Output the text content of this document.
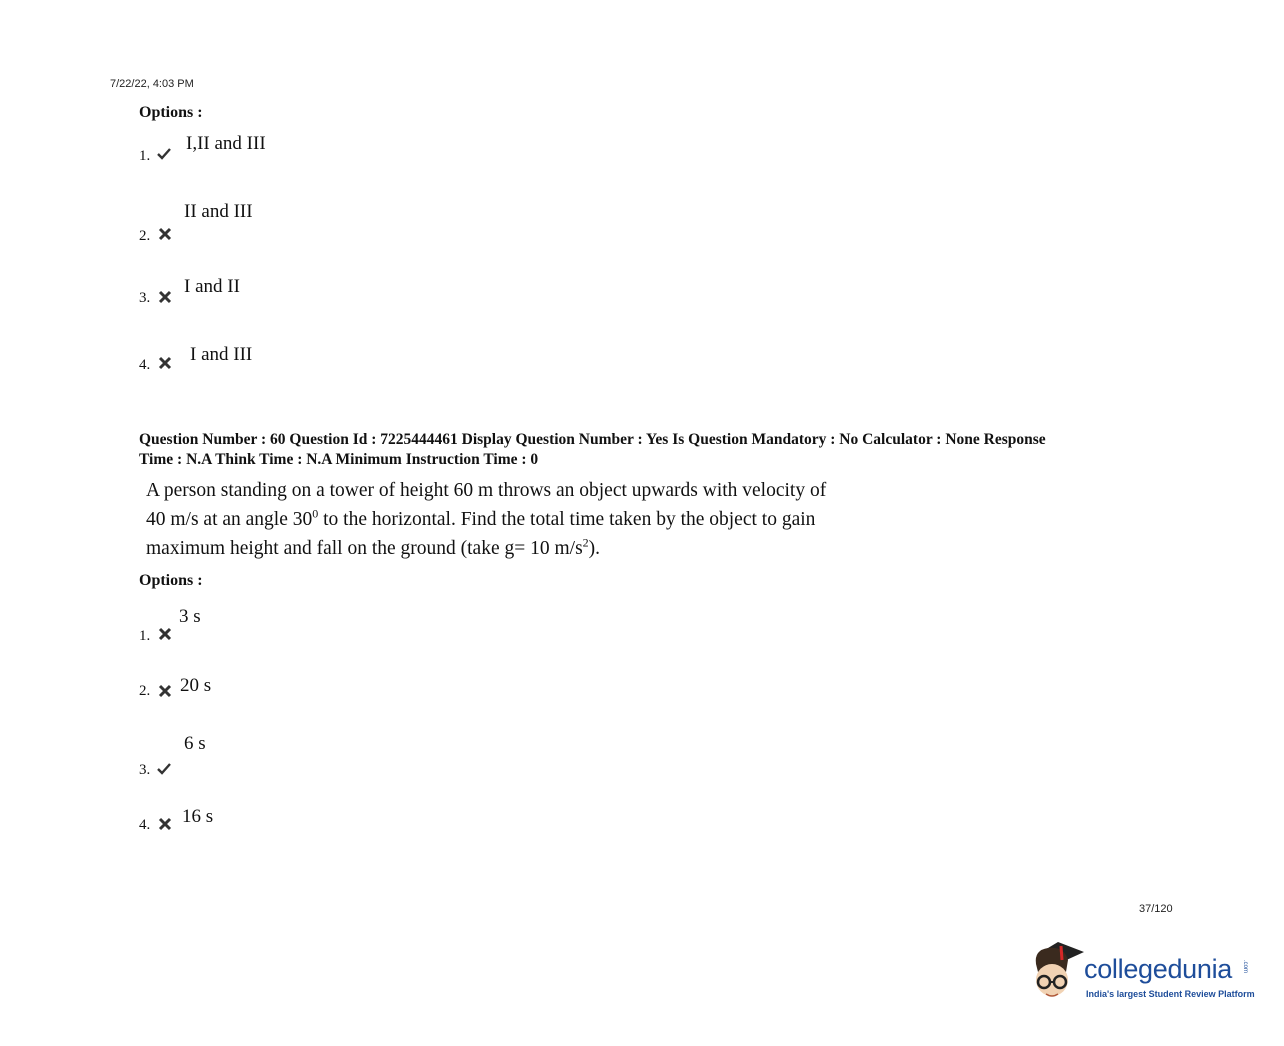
7/22/22, 4:03 PM
Options :
1.
I,II and III
2.
II and III
3.
I and II
4. I and III
Question Number : 60 Question Id : 7225444461 Display Question Number : Yes Is Question Mandatory : No Calculator : None Response
Time : N.A Think Time : N.A Minimum Instruction Time : 0
A person standing on a tower of height 60 m throws an object upwards with velocity of
40 m/s at an angle $30^0$ to the horizontal. Find the total time taken by the object to gain
maximum height and fall on the ground (take g= 10 $m/s^2$).
Options :
1.
3 s
2. 20 s
3.
6 s
4. 16 s
37/120
collegedunia .com
India's largest Student Review Platform
